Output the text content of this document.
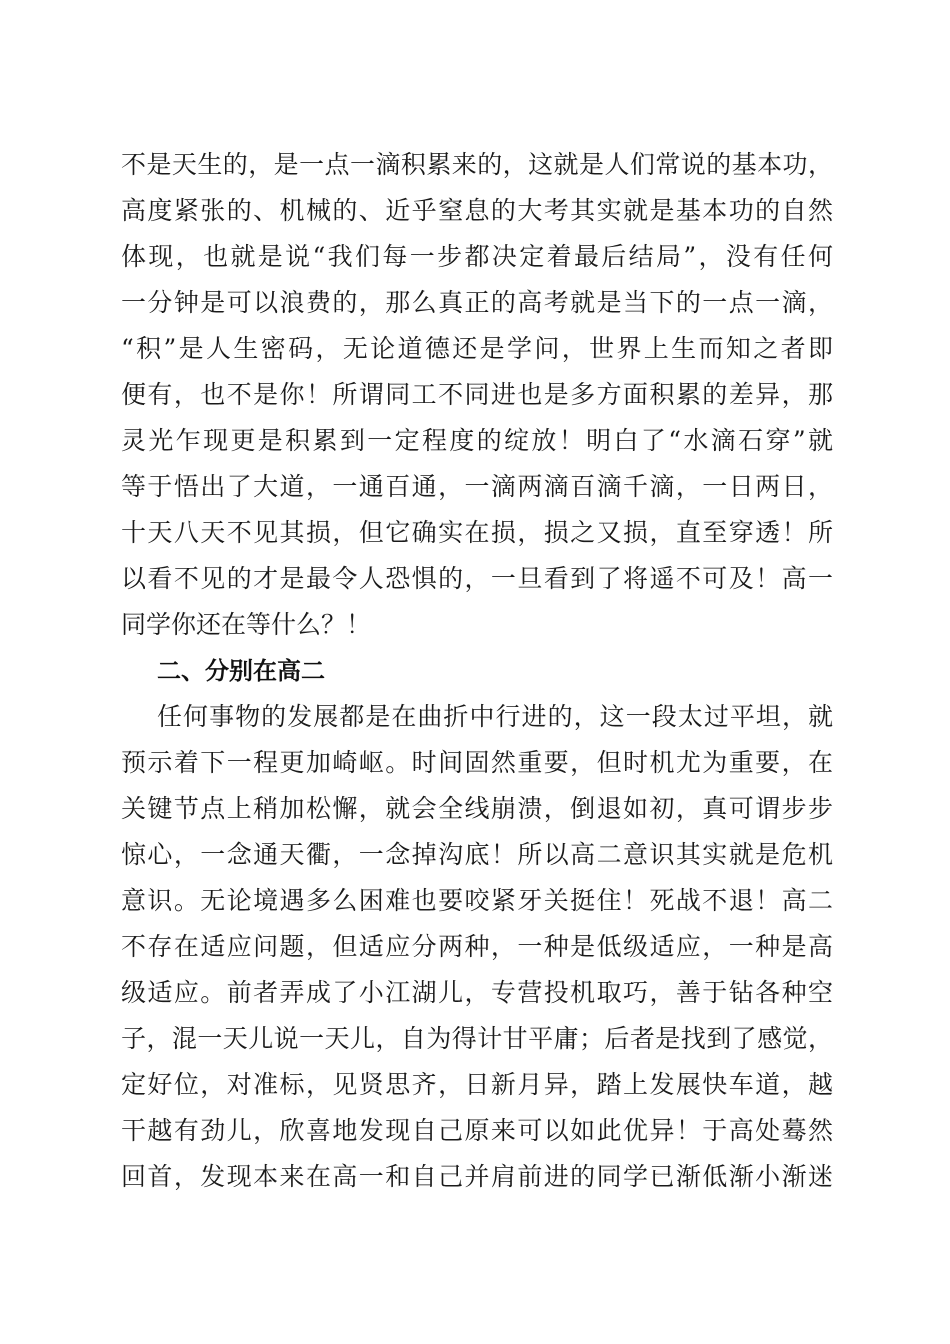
不是天生的，是一点一滴积累来的，这就是人们常说的基本功，
高度紧张的、机械的、近乎窒息的大考其实就是基本功的自然
体现，也就是说“我们每一步都决定着最后结局”，没有任何
一分钟是可以浪费的，那么真正的高考就是当下的一点一滴，
“积”是人生密码，无论道德还是学问，世界上生而知之者即
便有，也不是你！所谓同工不同进也是多方面积累的差异，那
灵光乍现更是积累到一定程度的绽放！明白了“水滴石穿”就
等于悟出了大道，一通百通，一滴两滴百滴千滴，一日两日，
十天八天不见其损，但它确实在损，损之又损，直至穿透！所
以看不见的才是最令人恐惧的，一旦看到了将遥不可及！高一
同学你还在等什么？！
二、分别在高二
任何事物的发展都是在曲折中行进的，这一段太过平坦，就
预示着下一程更加崎岖。时间固然重要，但时机尤为重要，在
关键节点上稍加松懈，就会全线崩溃，倒退如初，真可谓步步
惊心，一念通天衢，一念掉沟底！所以高二意识其实就是危机
意识。无论境遇多么困难也要咬紧牙关挺住！死战不退！高二
不存在适应问题，但适应分两种，一种是低级适应，一种是高
级适应。前者弄成了小江湖儿，专营投机取巧，善于钻各种空
子，混一天儿说一天儿，自为得计甘平庸；后者是找到了感觉，
定好位，对准标，见贤思齐，日新月异，踏上发展快车道，越
干越有劲儿，欣喜地发现自己原来可以如此优异！于高处蓦然
回首，发现本来在高一和自己并肩前进的同学已渐低渐小渐迷
